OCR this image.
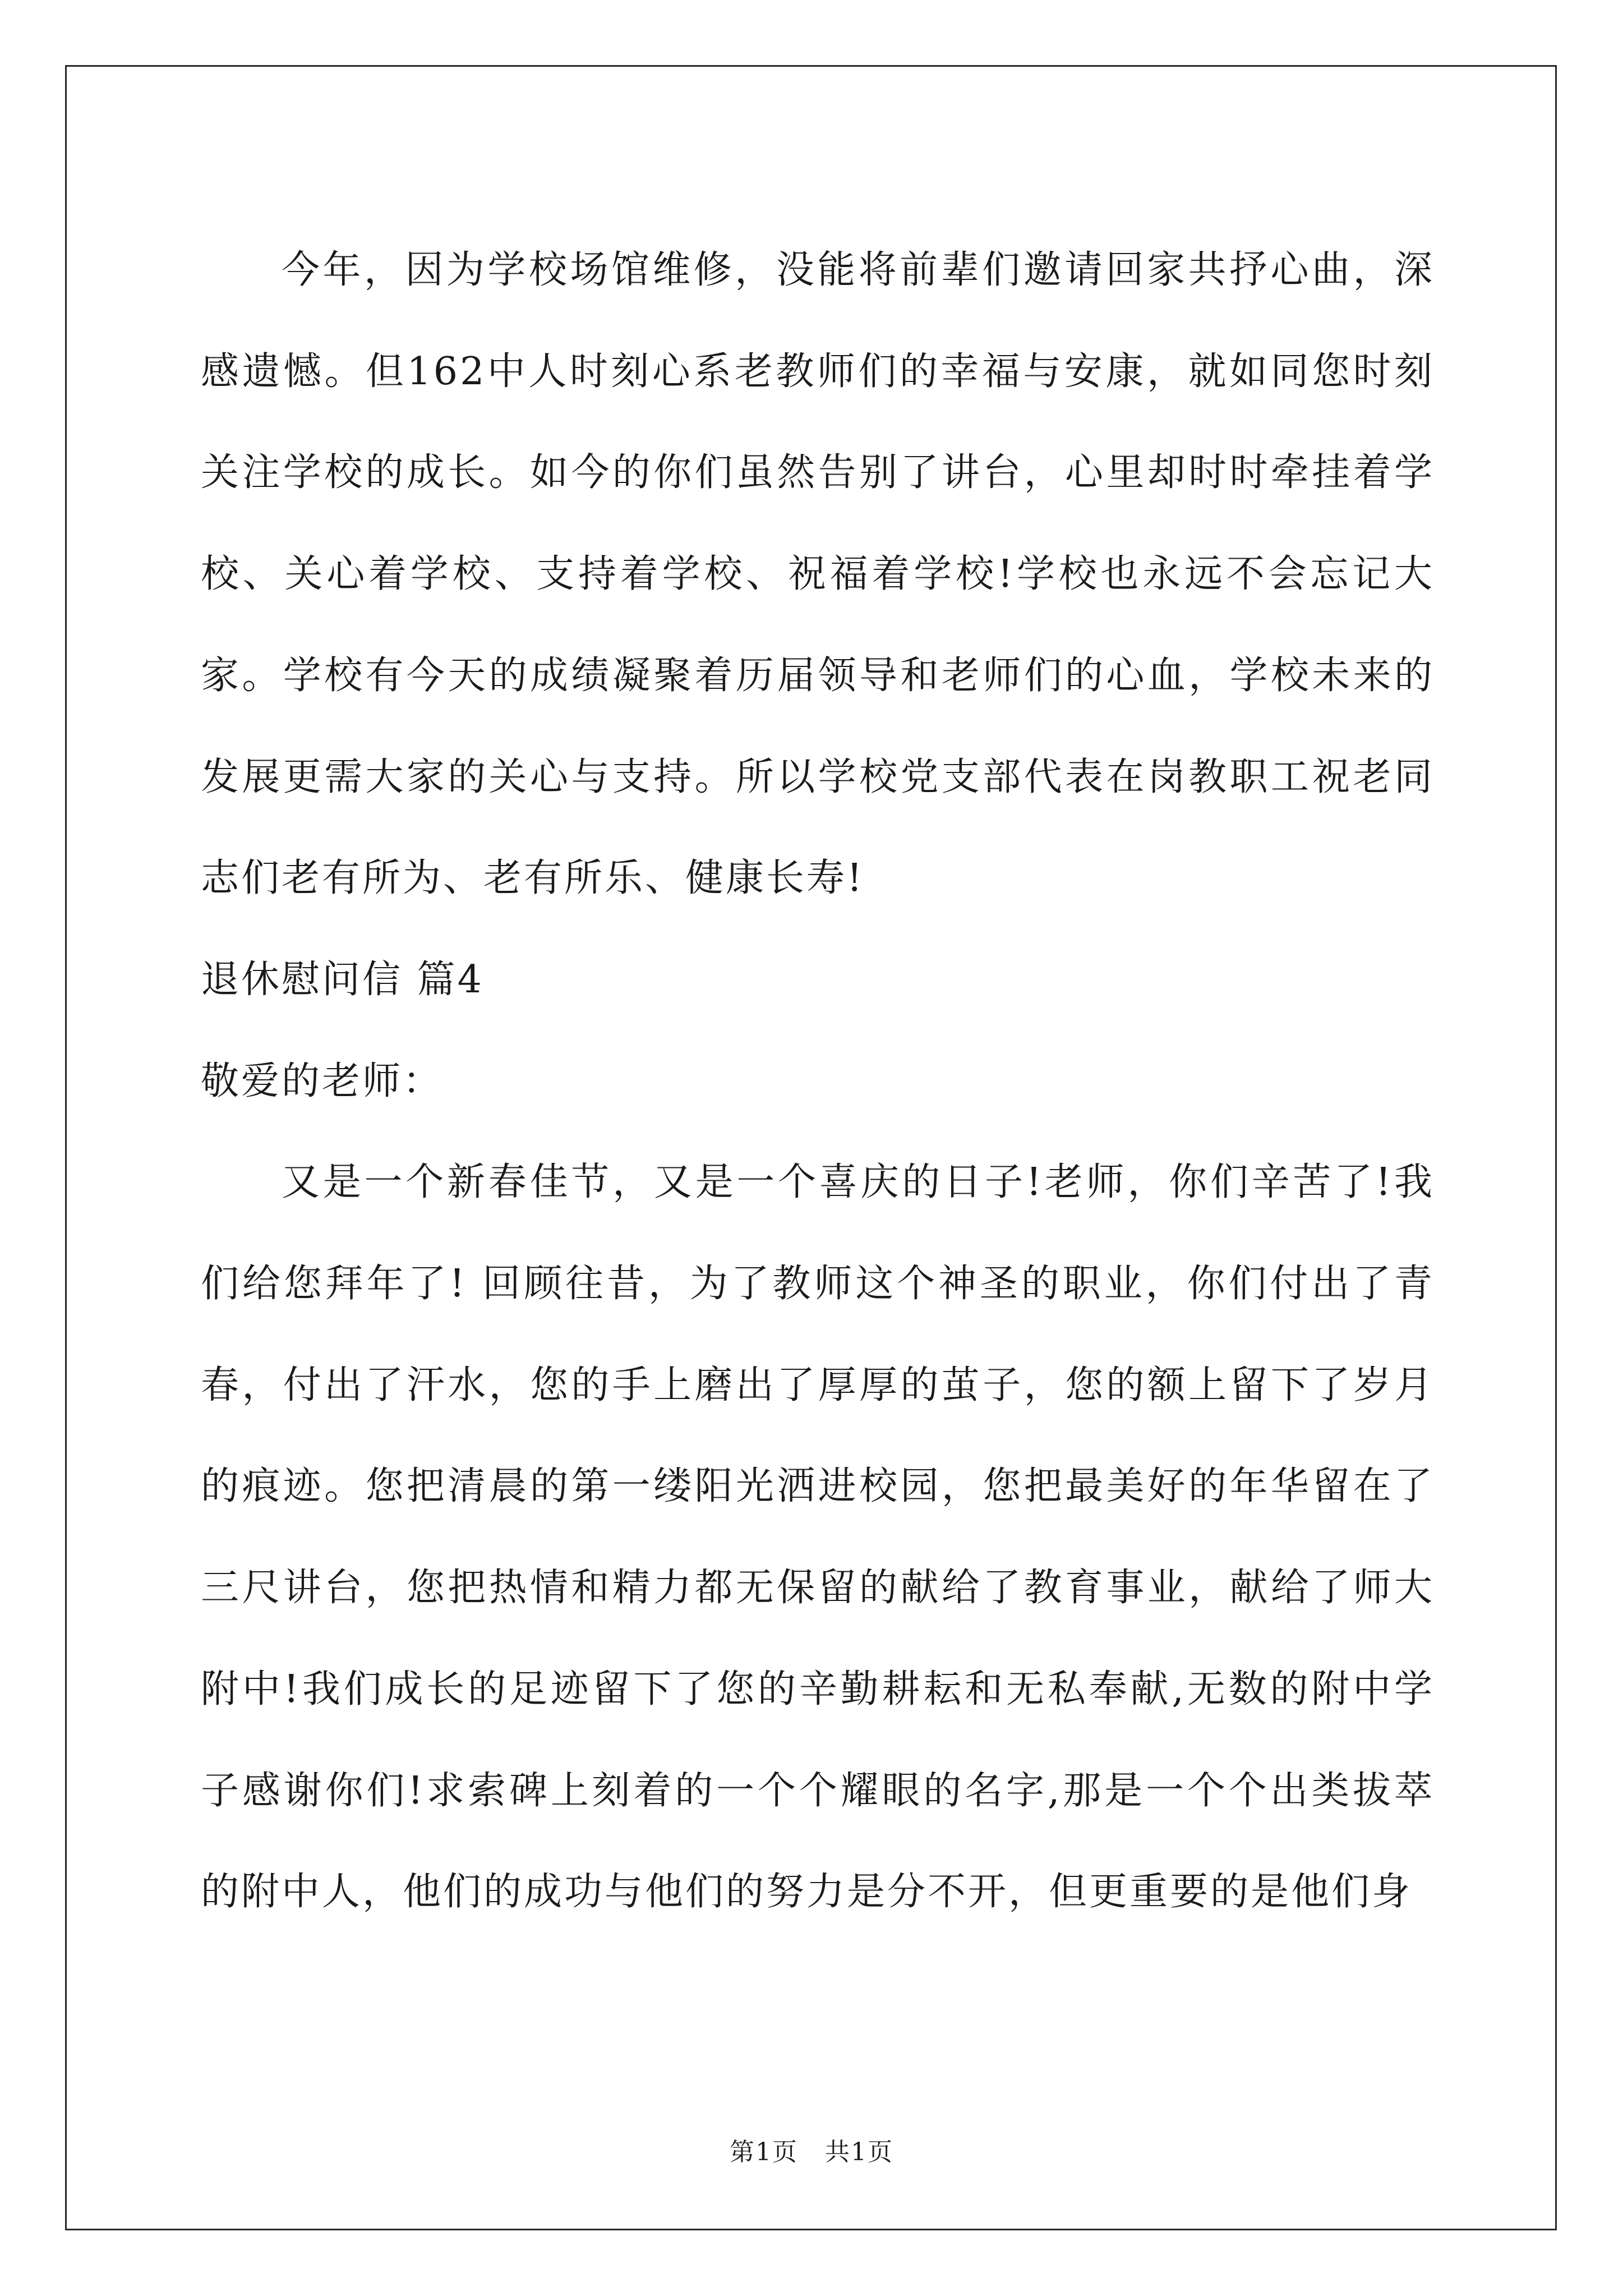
今年，因为学校场馆维修，没能将前辈们邀请回家共抒心曲，深感遗憾。但162中人时刻心系老教师们的幸福与安康，就如同您时刻关注学校的成长。如今的你们虽然告别了讲台，心里却时时牵挂着学校、关心着学校、支持着学校、祝福着学校!学校也永远不会忘记大家。学校有今天的成绩凝聚着历届领导和老师们的心血，学校未来的发展更需大家的关心与支持。所以学校党支部代表在岗教职工祝老同志们老有所为、老有所乐、健康长寿!

退休慰问信 篇4

敬爱的老师：

又是一个新春佳节，又是一个喜庆的日子!老师，你们辛苦了!我们给您拜年了! 回顾往昔，为了教师这个神圣的职业，你们付出了青春，付出了汗水，您的手上磨出了厚厚的茧子，您的额上留下了岁月的痕迹。您把清晨的第一缕阳光洒进校园，您把最美好的年华留在了三尺讲台，您把热情和精力都无保留的献给了教育事业，献给了师大附中!我们成长的足迹留下了您的辛勤耕耘和无私奉献,无数的附中学子感谢你们!求索碑上刻着的一个个耀眼的名字,那是一个个出类拔萃的附中人，他们的成功与他们的努力是分不开，但更重要的是他们身

第1页   共1页
